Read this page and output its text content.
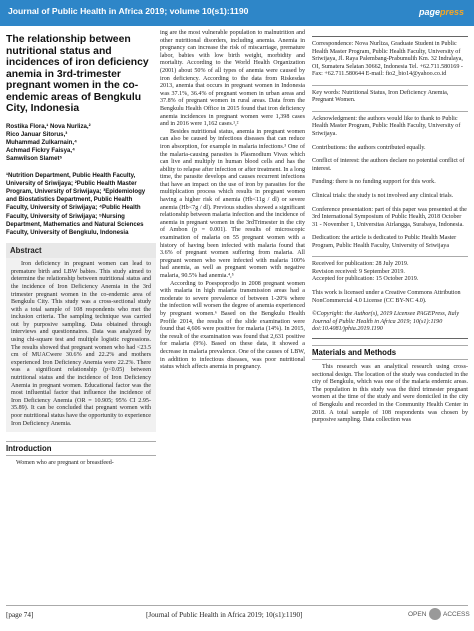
Journal of Public Health in Africa 2019; volume 10(s1):1190	pagepress
The relationship between nutritional status and incidences of iron deficiency anemia in 3rd-trimester pregnant women in the co-endemic areas of Bengkulu City, Indonesia
Rostika Flora,¹ Nova Nurliza,²
Rico Januar Sitorus,³
Muhammad Zulkarnain,⁴
Achmad Fickry Faisya,⁴
Samwilson Slamet⁵
¹Nutrition Department, Public Health Faculty, University of Sriwijaya; ²Public Health Master Program, University of Sriwijaya; ³Epidemiology and Biostatistics Department, Public Health Faculty, University of Sriwijaya; ⁴Public Health Faculty, University of Sriwijaya; ⁵Nursing Department, Mathematics and Natural Sciences Faculty, University of Bengkulu, Indonesia
Abstract

Iron deficiency in pregnant women can lead to premature birth and LBW babies. This study aimed to determine the relationship between nutritional status and the incidence of Iron Deficiency Anemia in the 3rd trimester pregnant women in the co-endemic area of Bengkulu City. This study was a cross-sectional study with a total sample of 108 respondents who met the inclusion criteria. The sampling technique was carried out by purposive sampling. Data obtained through interviews and questionnaires. Data was analyzed by using chi-square test and multiple logistic regressions. The results showed that pregnant women who had <23.5 cm of MUACwere 30.6% and 22.2% and mothers experienced Iron Deficiency Anemia were 22.2%. There was a significant relationship (p<0.05) between nutritional status and the incidence of Iron Deficiency Anemia in pregnant women. Educational factor was the most influential factor that influence the incidence of Iron Deficiency Anemia (OR = 10.905; 95% CI 2.95-35.89). It can be concluded that pregnant women with poor nutritional status have the opportunity to experience Iron Deficiency Anemia.

Introduction

Women who are pregnant or breastfeed-

ing are the most vulnerable population to malnutrition and other nutritional disorders, including anemia. Anemia in pregnancy can increase the risk of miscarriage, premature labor, babies with low birth weight, morbidity and mortality. According to the World Health Organization (2001) about 50% of all types of anemia were caused by iron deficiency. According to the data from Riskesdas 2013, anemia that occurs in pregnant women in Indonesia was 37.1%, 36.4% of pregnant women in urban areas and 37.8% of pregnant women in rural areas. Data from the Bengkulu Health Office in 2015 found that iron deficiency anemia incidences in pregnant women were 1,398 cases and in 2016 were 1,162 cases.¹,²

Besides nutritional status, anemia in pregnant women can also be caused by infectious diseases that can reduce iron absorption, for example in malaria infections.³ One of the malaria-causing parasites is Plasmodium Vivax which can live and multiply in human blood cells and has the ability to relapse after infection or after treatment. In a long time, the parasite develops and causes recurrent infections that have an impact on the use of iron by parasites for the multiplication process which results in pregnant women having a higher risk of anemia (Hb<11g / dl) or severe anemia (Hb<7g / dl). Previous studies showed a significant relationship between malaria infection and the incidence of anemia in pregnant women in the 3rdTrimester in the city of Ambon (p = 0.001). The results of microscopic examination of malaria on 55 pregnant women with a history of having been infected with malaria found that 3.6% of pregnant women suffering from malaria. All pregnant women who were infected with malaria 100% had anemia, as well as pregnant women with negative malaria, 90.5% had anemia.⁴,⁵

According to Poespoprodjo in 2008 pregnant women with malaria in high malaria transmission areas had a moderate to severe prevalence of between 1-20% where the infection will worsen the degree of anemia experienced by pregnant women.⁶ Based on the Bengkulu Health Profile 2014, the results of the slide examination were found that 4,606 were positive for malaria (14%). In 2015, the result of the examination was found that 2,631 positive for malaria (9%). Based on these data, it showed a decrease in malaria prevalence. One of the causes of LBW, in addition to infectious diseases, was poor nutritional status which affects anemia in pregnancy.

Correspondence: Nova Nurliza, Graduate Student in Public Health Master Program, Public Health Faculty, University of Sriwijaya, Jl. Raya Palembang-Prabumulih Km. 32 Indralaya, OI, Sumatera Selatan 30662, Indonesia Tel. +62.711.580169 - Fax: +62.711.580644 E-mail: fio2_bio14@yahoo.co.id

Key words: Nutritional Status, Iron Deficiency Anemia, Pregnant Women.

Acknowledgment: the authors would like to thank to Public Health Master Program, Public Health Faculty, University of Sriwijaya.

Contributions: the authors contributed equally.

Conflict of interest: the authors declare no potential conflict of interest.

Funding: there is no funding support for this work.

Clinical trials: the study is not involved any clinical trials.

Conference presentation: part of this paper was presented at the 3rd International Symposium of Public Health, 2018 October 31 - November 1, Universitas Airlangga, Surabaya, Indonesia.

Dedication: the article is dedicated to Public Health Master Program, Public Health Faculty, University of Sriwijaya

Received for publication: 28 July 2019.

Revision received: 9 September 2019.

Accepted for publication: 15 October 2019.

This work is licensed under a Creative Commons Attribution NonCommercial 4.0 License (CC BY-NC 4.0).

©Copyright: the Author(s), 2019 Licensee PAGEPress, Italy Journal of Public Health in Africa 2019; 10(s1):1190 doi:10.4081/jphia.2019.1190

Materials and Methods

This research was an analytical research using cross-sectional design. The location of the study was conducted in the city of Bengkulu, which was one of the malaria endemic areas. The population in this study was the third trimester pregnant women at the time of the study and were domiciled in the city of Bengkulu and recorded in the Community Health Center in 2018. A total sample of 108 respondents was chosen by purposive sampling. Data collection was

[page 74]	[Journal of Public Health in Africa 2019; 10(s1):1190]	OPEN	ACCESS
